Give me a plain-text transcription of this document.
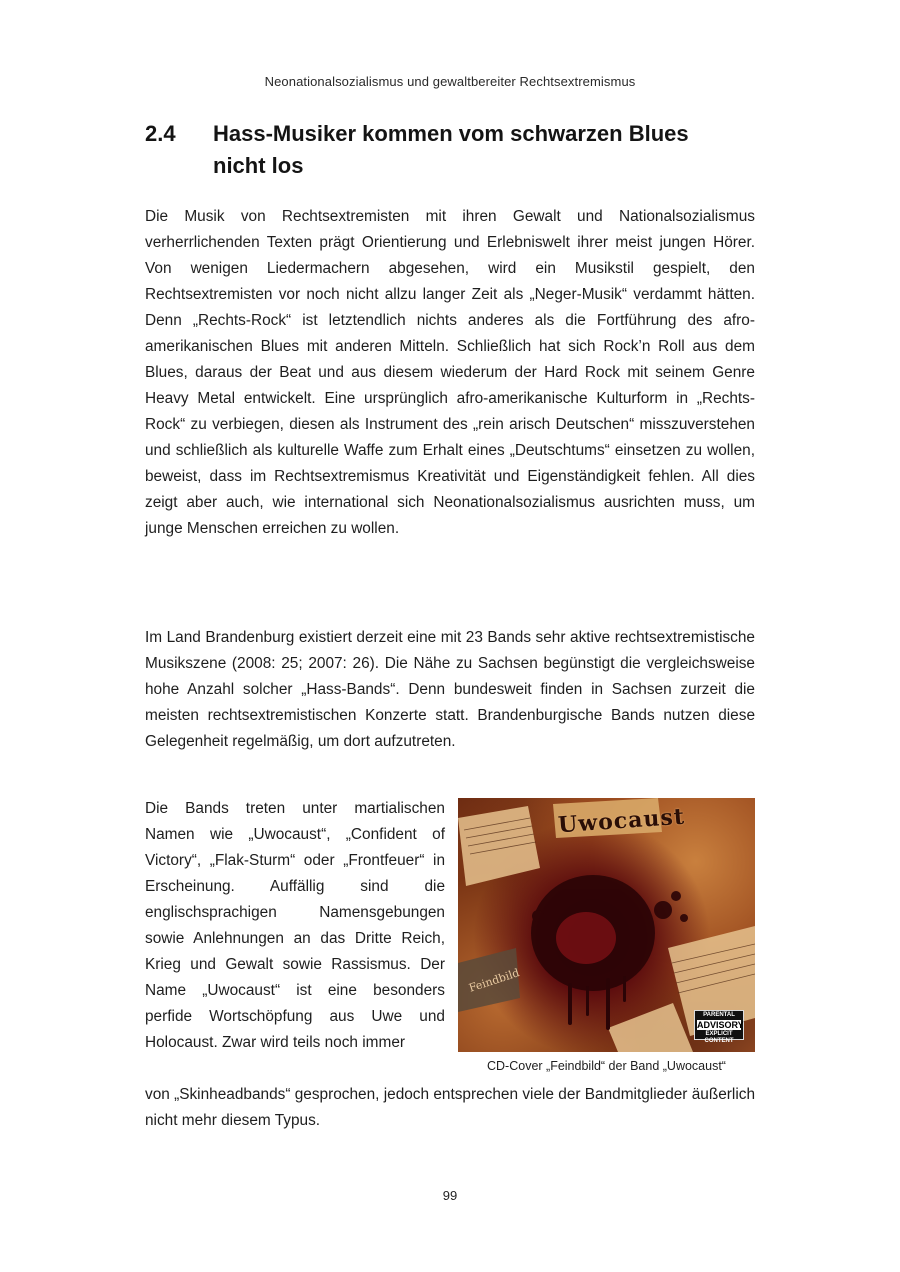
Neonationalsozialismus und gewaltbereiter Rechtsextremismus
2.4	Hass-Musiker kommen vom schwarzen Blues
nicht los

Die Musik von Rechtsextremisten mit ihren Gewalt und Nationalsozialismus verherrlichenden Texten prägt Orientierung und Erlebniswelt ihrer meist jungen Hörer. Von wenigen Liedermachern abgesehen, wird ein Musikstil gespielt, den Rechtsextremisten vor noch nicht allzu langer Zeit als „Neger-Musik“ verdammt hätten. Denn „Rechts-Rock“ ist letztendlich nichts anderes als die Fortführung des afro-amerikanischen Blues mit anderen Mitteln. Schließlich hat sich Rock’n Roll aus dem Blues, daraus der Beat und aus diesem wiederum der Hard Rock mit seinem Genre Heavy Metal entwickelt. Eine ursprünglich afro-amerikanische Kulturform in „Rechts-Rock“ zu verbiegen, diesen als Instrument des „rein arisch Deutschen“ misszuverstehen und schließlich als kulturelle Waffe zum Erhalt eines „Deutschtums“ einsetzen zu wollen, beweist, dass im Rechtsextremismus Kreativität und Eigenständigkeit fehlen. All dies zeigt aber auch, wie international sich Neonationalsozialismus ausrichten muss, um junge Menschen erreichen zu wollen.

Im Land Brandenburg existiert derzeit eine mit 23 Bands sehr aktive rechtsextremistische Musikszene (2008: 25; 2007: 26). Die Nähe zu Sachsen begünstigt die vergleichsweise hohe Anzahl solcher „Hass-Bands“. Denn bundesweit finden in Sachsen zurzeit die meisten rechtsextremistischen Konzerte statt. Brandenburgische Bands nutzen diese Gelegenheit regelmäßig, um dort aufzutreten.

Die Bands treten unter martialischen Namen wie „Uwocaust“, „Confident of Victory“, „Flak-Sturm“ oder „Frontfeuer“ in Erscheinung. Auffällig sind die englischsprachigen Namensgebungen sowie Anlehnungen an das Dritte Reich, Krieg und Gewalt sowie Rassismus. Der Name „Uwocaust“ ist eine besonders perfide Wortschöpfung aus Uwe und Holocaust. Zwar wird teils noch immer

Uwocaust
Feindbild
PARENTAL
ADVISORY
EXPLICIT CONTENT
CD-Cover „Feindbild“ der Band „Uwocaust“

von „Skinheadbands“ gesprochen, jedoch entsprechen viele der Bandmitglieder äußerlich nicht mehr diesem Typus.

99
